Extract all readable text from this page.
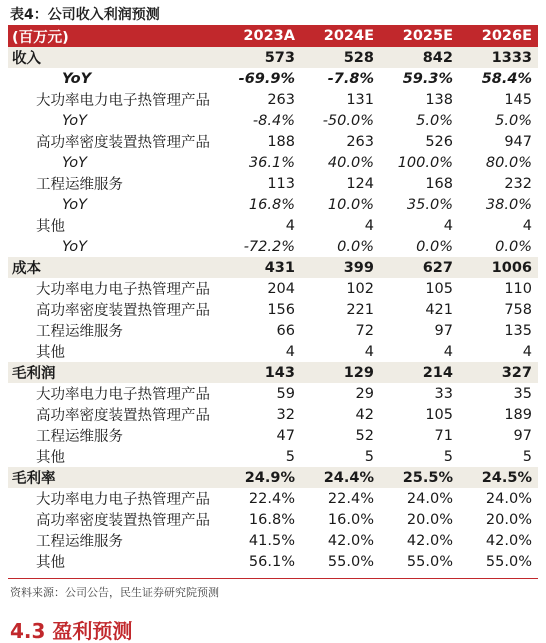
表4：公司收入利润预测
(百万元)	2023A	2024E	2025E	2026E
收入	573	528	842	1333
YoY	-69.9%	-7.8%	59.3%	58.4%
大功率电力电子热管理产品	263	131	138	145
YoY	-8.4%	-50.0%	5.0%	5.0%
高功率密度装置热管理产品	188	263	526	947
YoY	36.1%	40.0%	100.0%	80.0%
工程运维服务	113	124	168	232
YoY	16.8%	10.0%	35.0%	38.0%
其他	4	4	4	4
YoY	-72.2%	0.0%	0.0%	0.0%
成本	431	399	627	1006
大功率电力电子热管理产品	204	102	105	110
高功率密度装置热管理产品	156	221	421	758
工程运维服务	66	72	97	135
其他	4	4	4	4
毛利润	143	129	214	327
大功率电力电子热管理产品	59	29	33	35
高功率密度装置热管理产品	32	42	105	189
工程运维服务	47	52	71	97
其他	5	5	5	5
毛利率	24.9%	24.4%	25.5%	24.5%
大功率电力电子热管理产品	22.4%	22.4%	24.0%	24.0%
高功率密度装置热管理产品	16.8%	16.0%	20.0%	20.0%
工程运维服务	41.5%	42.0%	42.0%	42.0%
其他	56.1%	55.0%	55.0%	55.0%
资料来源：公司公告，民生证券研究院预测
4.3 盈利预测
